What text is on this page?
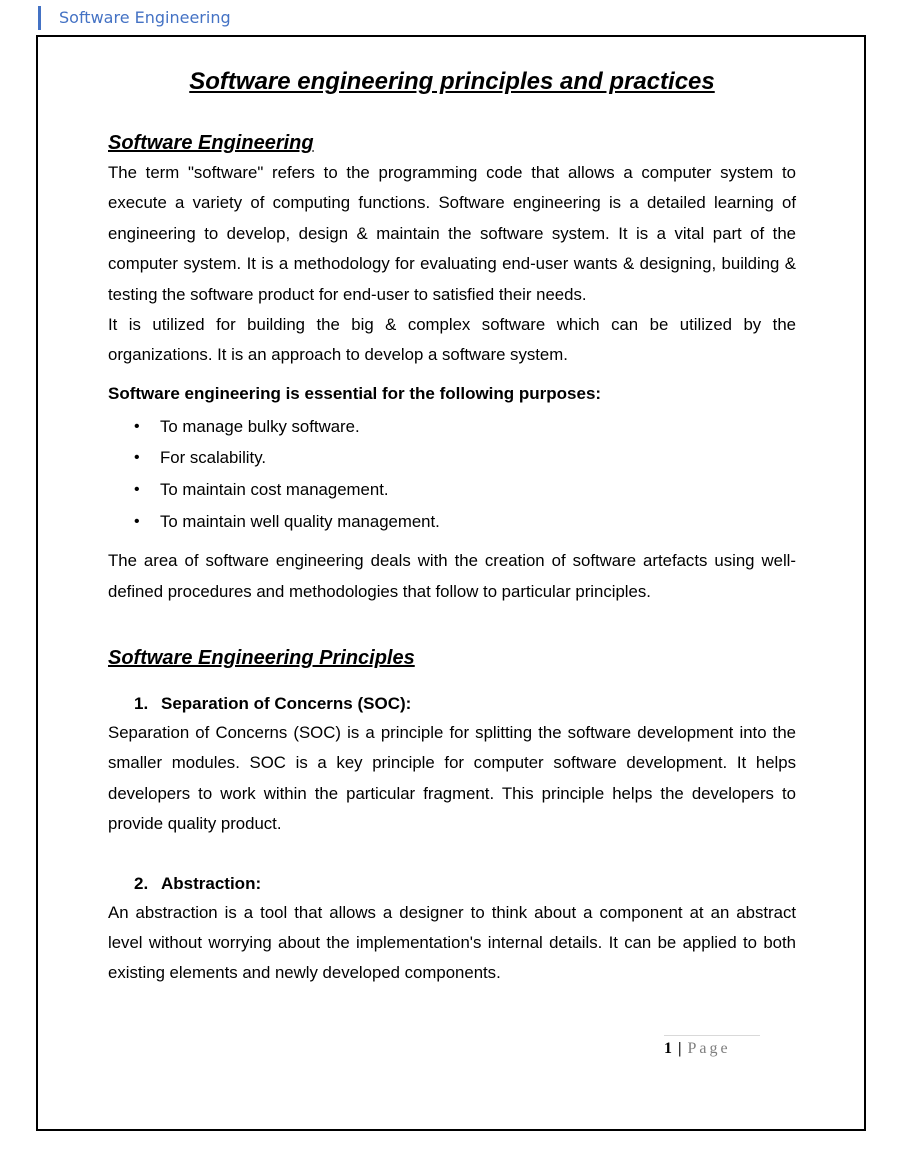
Software Engineering
Software engineering principles and practices
Software Engineering

The term "software" refers to the programming code that allows a computer system to execute a variety of computing functions. Software engineering is a detailed learning of engineering to develop, design & maintain the software system. It is a vital part of the computer system. It is a methodology for evaluating end-user wants & designing, building & testing the software product for end-user to satisfied their needs.

It is utilized for building the big & complex software which can be utilized by the organizations. It is an approach to develop a software system.

Software engineering is essential for the following purposes:

• To manage bulky software.
• For scalability.
• To maintain cost management.
• To maintain well quality management.

The area of software engineering deals with the creation of software artefacts using well-defined procedures and methodologies that follow to particular principles.

Software Engineering Principles

1. Separation of Concerns (SOC):

Separation of Concerns (SOC) is a principle for splitting the software development into the smaller modules. SOC is a key principle for computer software development. It helps developers to work within the particular fragment. This principle helps the developers to provide quality product.

2. Abstraction:

An abstraction is a tool that allows a designer to think about a component at an abstract level without worrying about the implementation's internal details. It can be applied to both existing elements and newly developed components.

1 | Page
